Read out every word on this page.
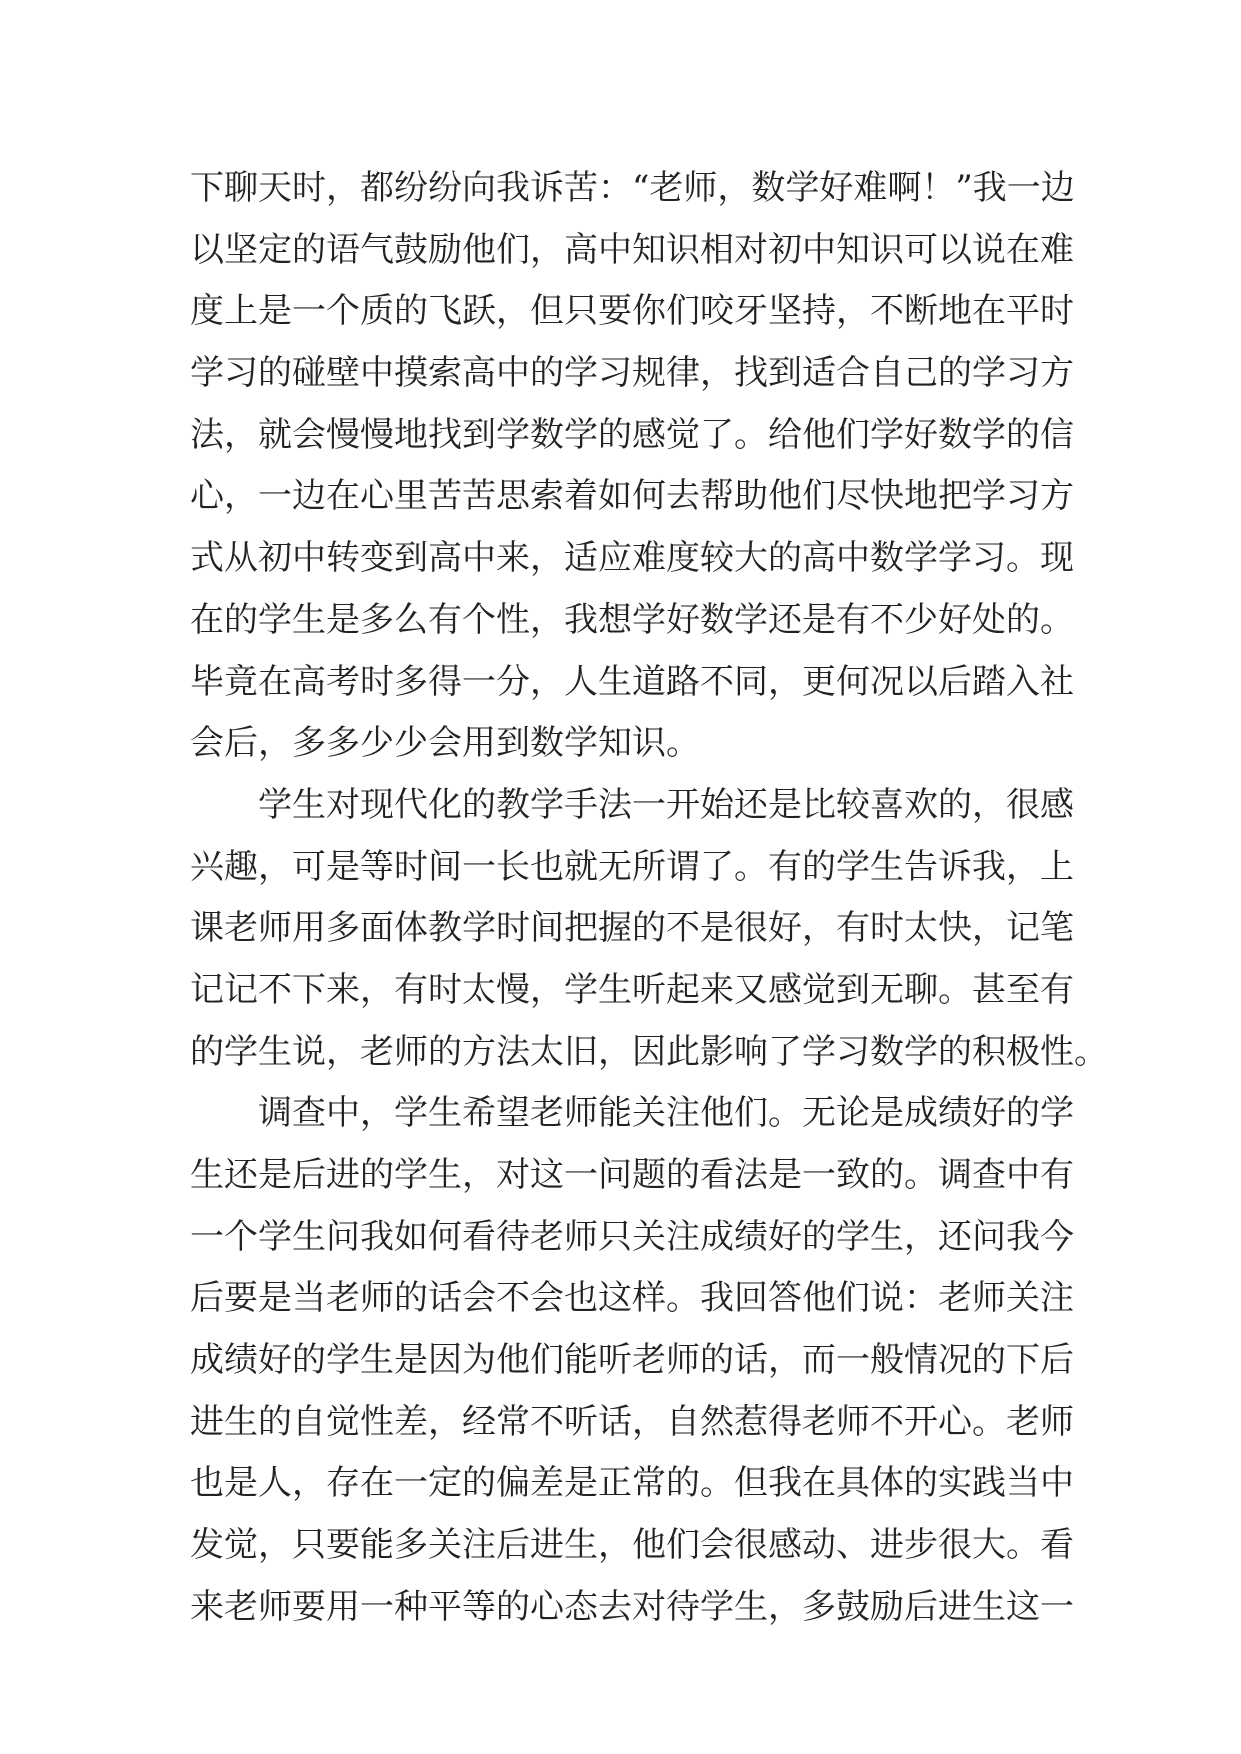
下聊天时，都纷纷向我诉苦：“老师，数学好难啊！”我一边
以坚定的语气鼓励他们，高中知识相对初中知识可以说在难
度上是一个质的飞跃，但只要你们咬牙坚持，不断地在平时
学习的碰壁中摸索高中的学习规律，找到适合自己的学习方
法，就会慢慢地找到学数学的感觉了。给他们学好数学的信
心，一边在心里苦苦思索着如何去帮助他们尽快地把学习方
式从初中转变到高中来，适应难度较大的高中数学学习。现
在的学生是多么有个性，我想学好数学还是有不少好处的。
毕竟在高考时多得一分，人生道路不同，更何况以后踏入社
会后，多多少少会用到数学知识。
学生对现代化的教学手法一开始还是比较喜欢的，很感
兴趣，可是等时间一长也就无所谓了。有的学生告诉我，上
课老师用多面体教学时间把握的不是很好，有时太快，记笔
记记不下来，有时太慢，学生听起来又感觉到无聊。甚至有
的学生说，老师的方法太旧，因此影响了学习数学的积极性。
调查中，学生希望老师能关注他们。无论是成绩好的学
生还是后进的学生，对这一问题的看法是一致的。调查中有
一个学生问我如何看待老师只关注成绩好的学生，还问我今
后要是当老师的话会不会也这样。我回答他们说：老师关注
成绩好的学生是因为他们能听老师的话，而一般情况的下后
进生的自觉性差，经常不听话，自然惹得老师不开心。老师
也是人，存在一定的偏差是正常的。但我在具体的实践当中
发觉，只要能多关注后进生，他们会很感动、进步很大。看
来老师要用一种平等的心态去对待学生，多鼓励后进生这一
